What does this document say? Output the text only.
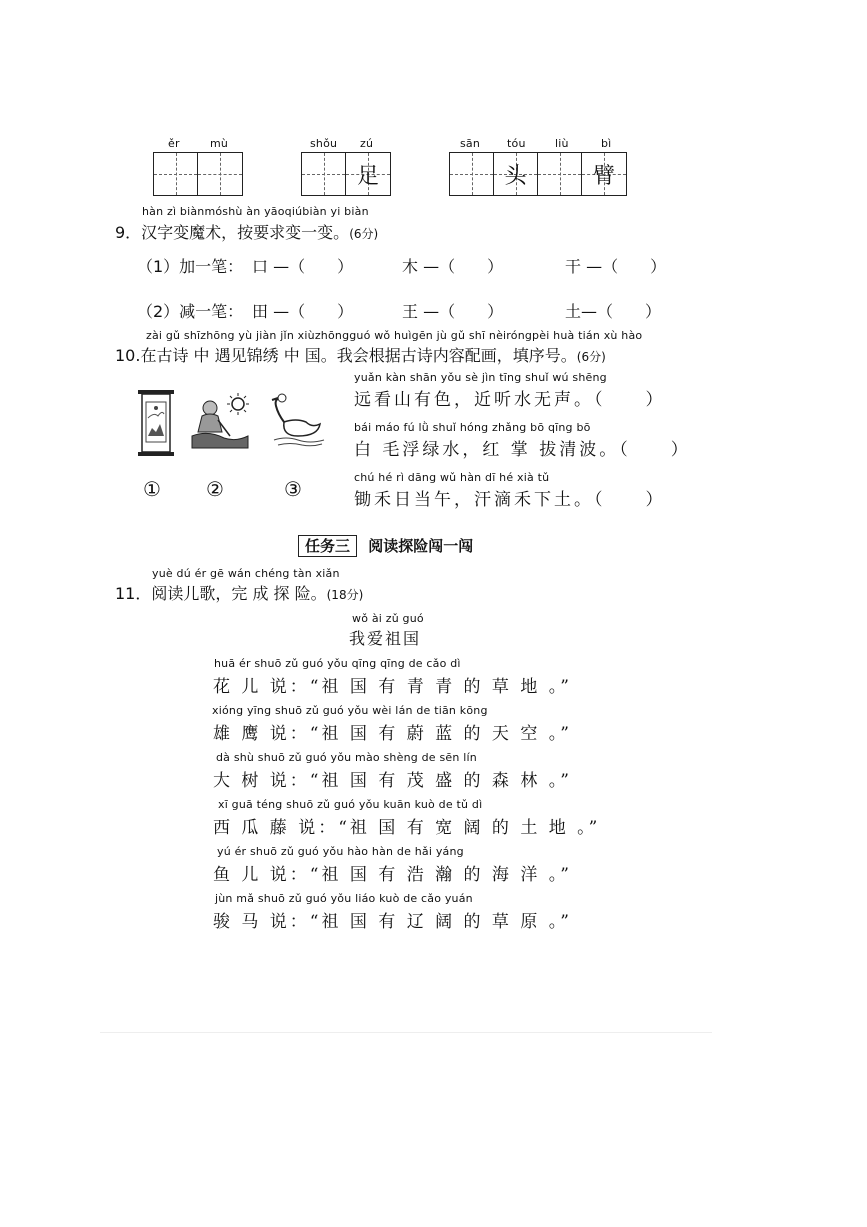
ěr	mù	shǒu zú
足
sān tóu	liù	bì
头	臂
hàn zì biànmóshù àn yāoqiúbiàn yi biàn
9．汉字变魔术，按要求变一变。(6分)
（1）加一笔： 口 —（　　）	木 —（　　）	干 —（　　）
（2）减一笔： 田 —（　　）	王 —（　　）	土—（　　）
zài gǔ shīzhōng yù jiàn jǐn xiùzhōngguó wǒ huìgēn jù gǔ shī nèiróngpèi huà tián xù hào
10.在古诗 中 遇见锦绣 中 国。我会根据古诗内容配画，填序号。(6分)
① ②	③
yuǎn kàn shān yǒu sè jìn tīng shuǐ wú shēng
远看山有色，近听水无声。（　　）
bái máo fú lǜ shuǐ hóng zhǎng bō qīng bō
白 毛浮绿水，红 掌 拔清波。（　　）
chú hé rì dāng wǔ hàn dī hé xià tǔ
锄禾日当午，汗滴禾下土。（　　）
任务三 阅读探险闯一闯
yuè dú ér gē wán chéng tàn xiǎn
11．阅读儿歌，完 成 探 险。(18分)
wǒ ài zǔ guó
我爱祖国
huā ér shuō zǔ guó yǒu qīng qīng de cǎo dì
花 儿 说：“祖 国 有 青 青 的 草 地 。”
xióng yīng shuō zǔ guó yǒu wèi lán de tiān kōng
雄 鹰 说：“祖 国 有 蔚 蓝 的 天 空 。”
dà shù shuō zǔ guó yǒu mào shèng de sēn lín
大 树 说：“祖 国 有 茂 盛 的 森 林 。”
xī guā téng shuō zǔ guó yǒu kuān kuò de tǔ dì
西 瓜 藤 说：“祖 国 有 宽 阔 的 土 地 。”
yú ér shuō zǔ guó yǒu hào hàn de hǎi yáng
鱼 儿 说：“祖 国 有 浩 瀚 的 海 洋 。”
jùn mǎ shuō zǔ guó yǒu liáo kuò de cǎo yuán
骏 马 说：“祖 国 有 辽 阔 的 草 原 。”
